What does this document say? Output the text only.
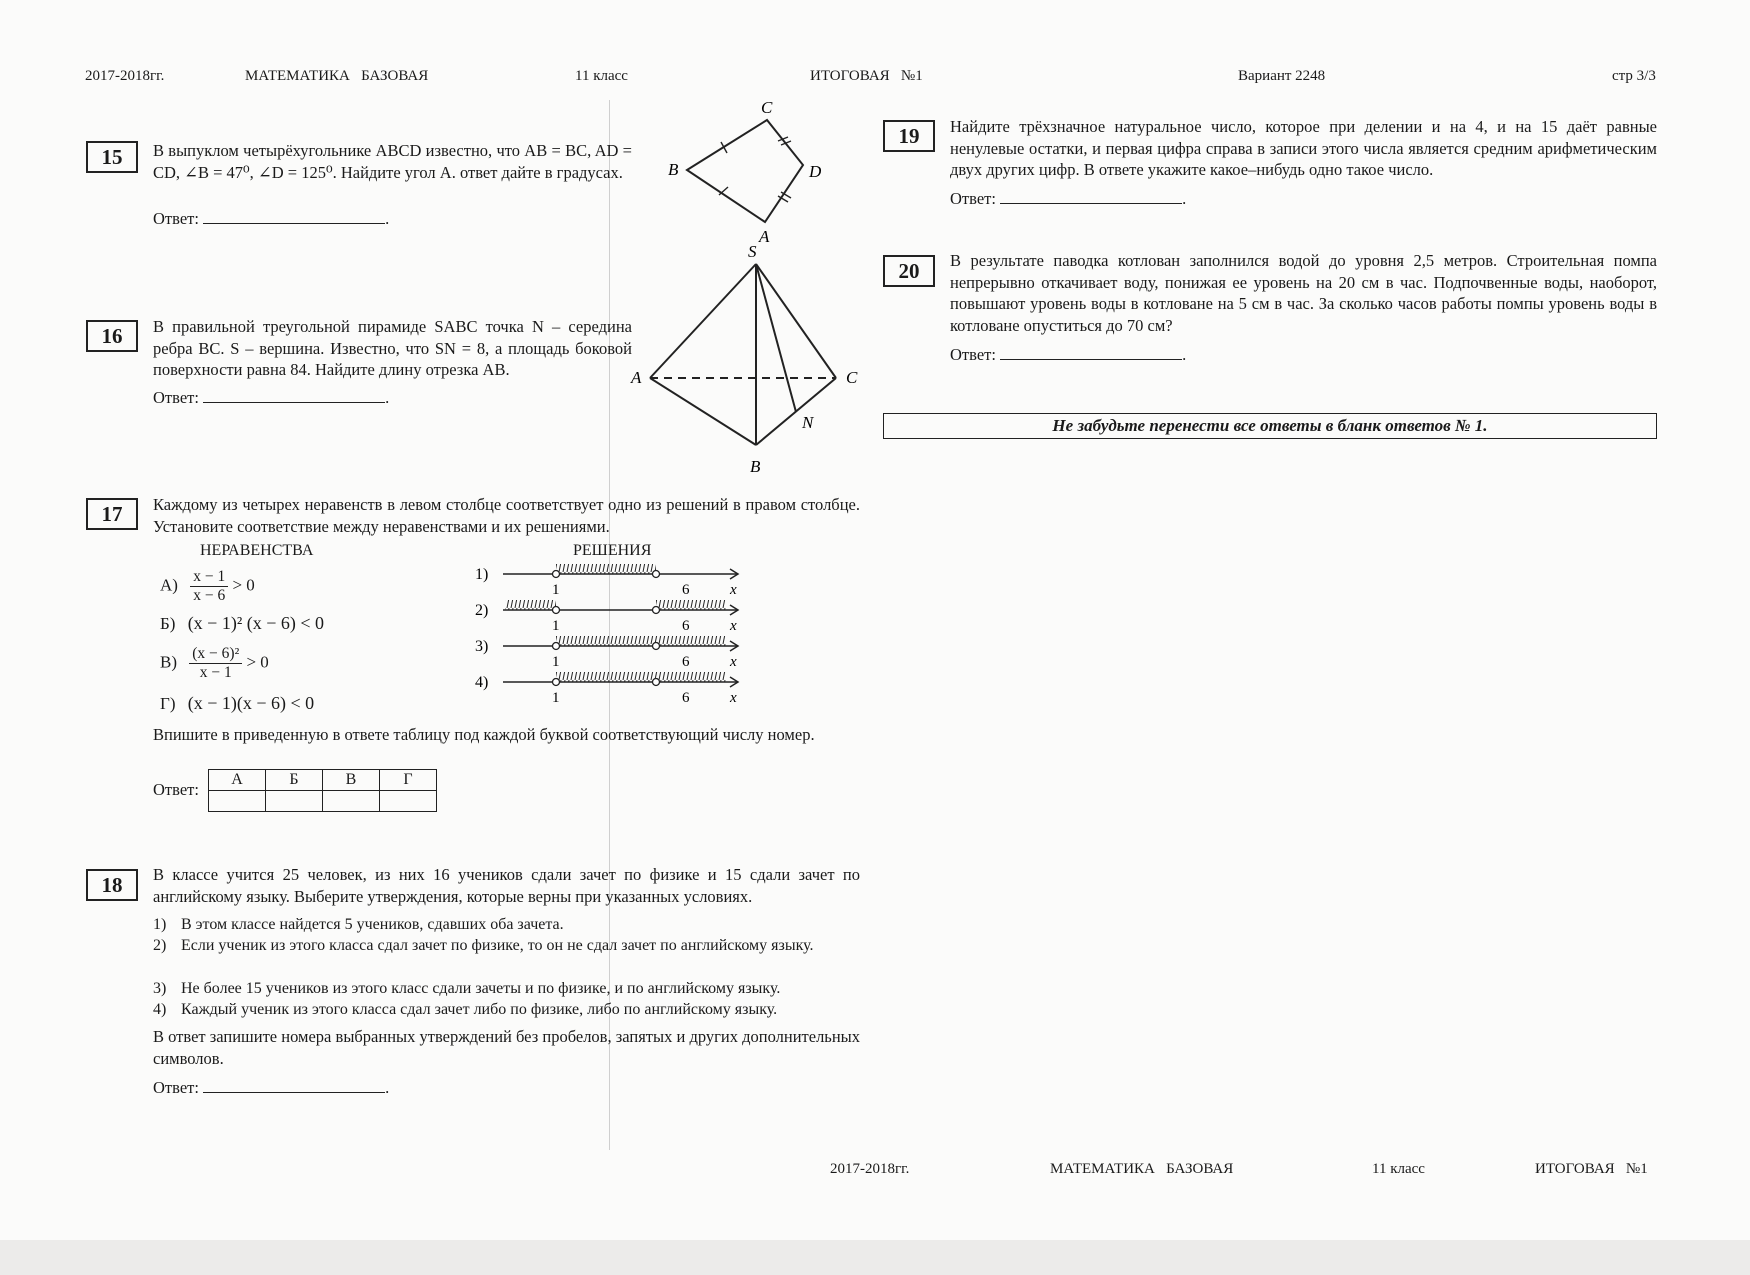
2017-2018гг.	МАТЕМАТИКА   БАЗОВАЯ	11 класс	ИТОГОВАЯ   №1	Вариант 2248	стр 3/3
15	В выпуклом четырёхугольнике ABCD известно, что AB = BC, AD = CD, ∠B = 47⁰, ∠D = 125⁰. Найдите угол A. ответ дайте в градусах.
Ответ:	.
C
B	D
A
16	В правильной треугольной пирамиде SABC точка N – середина ребра BC. S – вершина. Известно, что SN = 8, а площадь боковой поверхности равна 84. Найдите длину отрезка AB.
Ответ:	.
S
A	C
B
N
17	Каждому из четырех неравенств в левом столбце соответствует одно из решений в правом столбце. Установите соответствие между неравенствами и их решениями.
НЕРАВЕНСТВА	РЕШЕНИЯ
$А) \frac{x - 1}{x - 6} > 0$
Б) (x − 1)² (x − 6) < 0
$В) \frac{\text{(x − 6)²}}{x - 1} > 0$
Г) (x − 1)(x − 6) < 0
1)
1	6	x
2)
1	6	x
3)
1	6	x
4)
1	6	x
Впишите в приведенную в ответе таблицу под каждой буквой соответствующий числу номер.
Ответ:
А	Б	В	Г

18	В классе учится 25 человек, из них 16 учеников сдали зачет по физике и 15 сдали зачет по английскому языку. Выберите утверждения, которые верны при указанных условиях.
1) В этом классе найдется 5 учеников, сдавших оба зачета.
2) Если ученик из этого класса сдал зачет по физике, то он не сдал зачет по английскому языку.
3) Не более 15 учеников из этого класс сдали зачеты и по физике, и по английскому языку.
4) Каждый ученик из этого класса сдал зачет либо по физике, либо по английскому языку.
В ответ запишите номера выбранных утверждений без пробелов, запятых и других дополнительных символов.
Ответ:	.
19	Найдите трёхзначное натуральное число, которое при делении и на 4, и на 15 даёт равные ненулевые остатки, и первая цифра справа в записи этого числа является средним арифметическим двух других цифр. В ответе укажите какое–нибудь одно такое число.
Ответ:	.
20	В результате паводка котлован заполнился водой до уровня 2,5 метров. Строительная помпа непрерывно откачивает воду, понижая ее уровень на 20 см в час. Подпочвенные воды, наоборот, повышают уровень воды в котловане на 5 см в час. За сколько часов работы помпы уровень воды в котловане опуститься до 70 см?
Ответ:	.
Не забудьте перенести все ответы в бланк ответов № 1.
2017-2018гг.	МАТЕМАТИКА   БАЗОВАЯ	11 класс	ИТОГОВАЯ   №1
